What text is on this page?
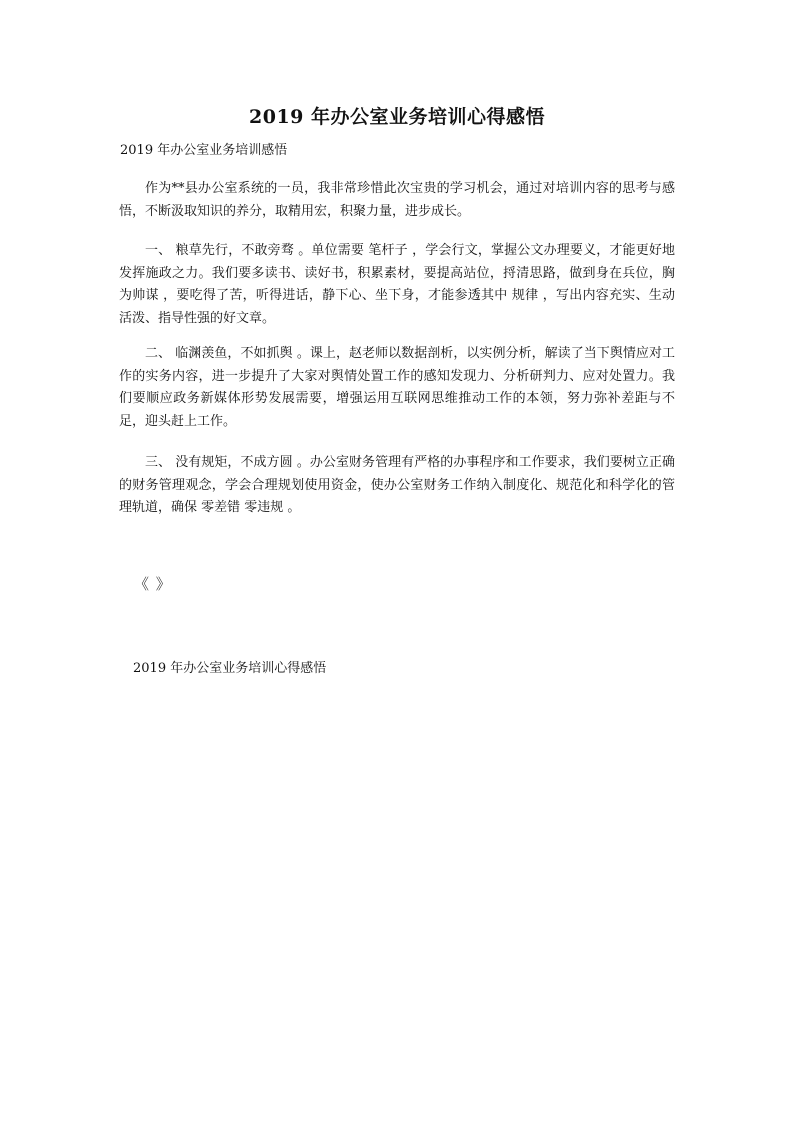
2019 年办公室业务培训心得感悟
2019 年办公室业务培训感悟

作为**县办公室系统的一员，我非常珍惜此次宝贵的学习机会，通过对培训内容的思考与感悟，不断汲取知识的养分，取精用宏，积聚力量，进步成长。

一、 粮草先行，不敢旁骛 。单位需要 笔杆子 ，学会行文，掌握公文办理要义，才能更好地发挥施政之力。我们要多读书、读好书，积累素材，要提高站位，捋清思路，做到身在兵位，胸为帅谋 ，要吃得了苦，听得进话，静下心、坐下身，才能参透其中 规律 ，写出内容充实、生动活泼、指导性强的好文章。

二、 临渊羡鱼，不如抓舆 。课上，赵老师以数据剖析，以实例分析，解读了当下舆情应对工作的实务内容，进一步提升了大家对舆情处置工作的感知发现力、分析研判力、应对处置力。我们要顺应政务新媒体形势发展需要，增强运用互联网思维推动工作的本领，努力弥补差距与不足，迎头赶上工作。

三、 没有规矩，不成方圆 。办公室财务管理有严格的办事程序和工作要求，我们要树立正确的财务管理观念，学会合理规划使用资金，使办公室财务工作纳入制度化、规范化和科学化的管理轨道，确保 零差错 零违规 。

《 》
2019 年办公室业务培训心得感悟
